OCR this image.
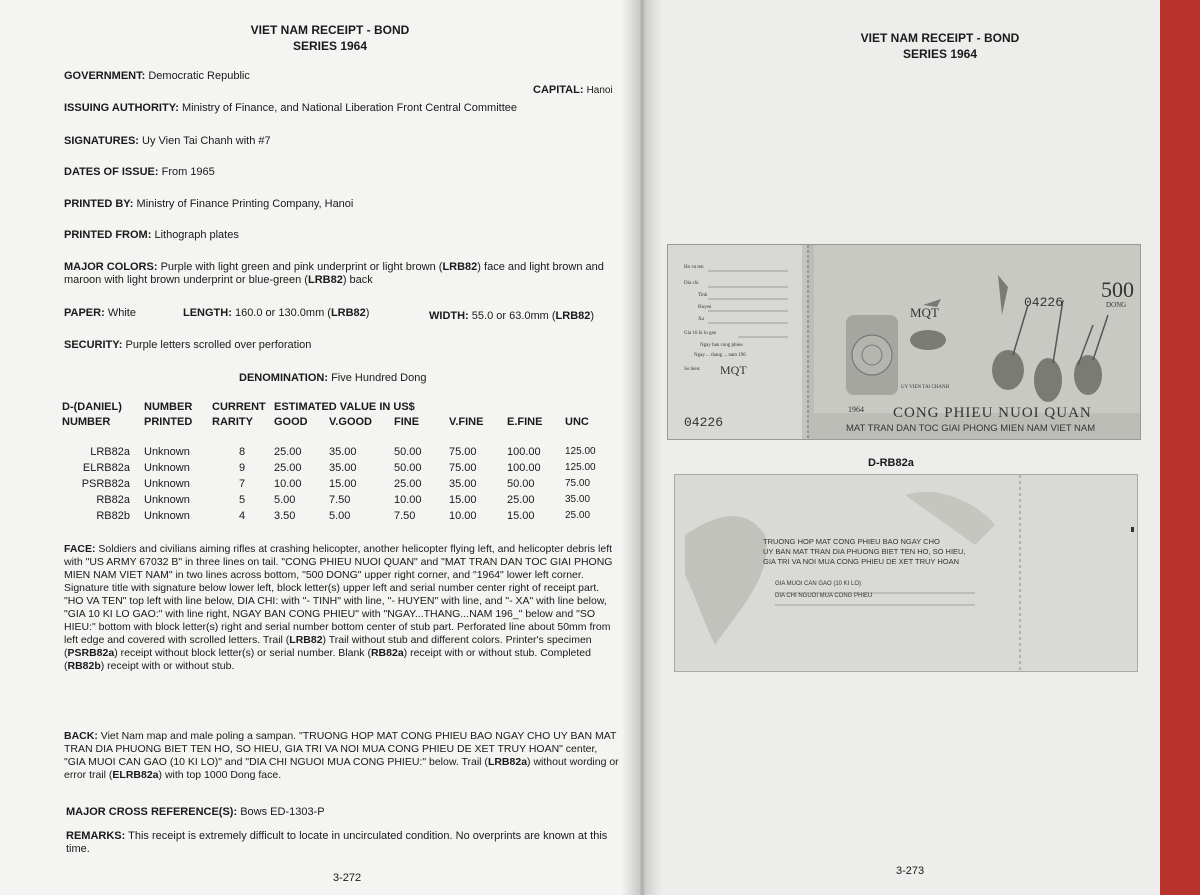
VIET NAM RECEIPT - BOND
SERIES 1964
GOVERNMENT: Democratic Republic
CAPITAL: Hanoi
ISSUING AUTHORITY: Ministry of Finance, and National Liberation Front Central Committee
SIGNATURES: Uy Vien Tai Chanh with #7
DATES OF ISSUE: From 1965
PRINTED BY: Ministry of Finance Printing Company, Hanoi
PRINTED FROM: Lithograph plates
MAJOR COLORS: Purple with light green and pink underprint or light brown (LRB82) face and light brown and maroon with light brown underprint or blue-green (LRB82) back
PAPER: White	LENGTH: 160.0 or 130.0mm (LRB82)	WIDTH: 55.0 or 63.0mm (LRB82)
SECURITY: Purple letters scrolled over perforation
DENOMINATION: Five Hundred Dong
D-(DANIEL)	NUMBER	CURRENT	ESTIMATED VALUE IN US$					
NUMBER	PRINTED	RARITY	GOOD	V.GOOD	FINE	V.FINE	E.FINE	UNC

LRB82a	Unknown	8	25.00	35.00	50.00	75.00	100.00	125.00
ELRB82a	Unknown	9	25.00	35.00	50.00	75.00	100.00	125.00
PSRB82a	Unknown	7	10.00	15.00	25.00	35.00	50.00	75.00
RB82a	Unknown	5	5.00	7.50	10.00	15.00	25.00	35.00
RB82b	Unknown	4	3.50	5.00	7.50	10.00	15.00	25.00
FACE: Soldiers and civilians aiming rifles at crashing helicopter, another helicopter flying left, and helicopter debris left with "US ARMY 67032 B" in three lines on tail. "CONG PHIEU NUOI QUAN" and "MAT TRAN DAN TOC GIAI PHONG MIEN NAM VIET NAM" in two lines across bottom, "500 DONG" upper right corner, and "1964" lower left corner. Signature title with signature below lower left, block letter(s) upper left and serial number center right of receipt part. "HO VA TEN" top left with line below, DIA CHI: with "- TINH" with line, "- HUYEN" with line, and "- XA" with line below, "GIA 10 KI LO GAO:" with line right, NGAY BAN CONG PHIEU" with "NGAY...THANG...NAM 196_" below and "SO HIEU:" bottom with block letter(s) right and serial number bottom center of stub part. Perforated line about 50mm from left edge and covered with scrolled letters. Trail (LRB82) Trail without stub and different colors. Printer's specimen (PSRB82a) receipt without block letter(s) or serial number. Blank (RB82a) receipt with or without stub. Completed (RB82b) receipt with or without stub.
BACK: Viet Nam map and male poling a sampan. "TRUONG HOP MAT CONG PHIEU BAO NGAY CHO UY BAN MAT TRAN DIA PHUONG BIET TEN HO, SO HIEU, GIA TRI VA NOI MUA CONG PHIEU DE XET TRUY HOAN" center, "GIA MUOI CAN GAO (10 KI LO)" and "DIA CHI NGUOI MUA CONG PHIEU:" below. Trail (LRB82a) without wording or error trail (ELRB82a) with top 1000 Dong face.
MAJOR CROSS REFERENCE(S): Bows ED-1303-P
REMARKS: This receipt is extremely difficult to locate in uncirculated condition. No overprints are known at this time.
3-272
VIET NAM RECEIPT - BOND
SERIES 1964
500
DONG
MQT
04226
MQT
04226
1964
UY VIEN TAI CHANH
CONG PHIEU NUOI QUAN
MAT TRAN DAN TOC GIAI PHONG MIEN NAM VIET NAM
Ho va ten
Dia chi
Tinh
Huyen
Xa
Gia 10 ki lo gao
Ngay ban cong phieu
Ngay ... thang ... nam 196
So hieu:
D-RB82a
TRUONG HOP MAT CONG PHIEU BAO NGAY CHO
UY BAN MAT TRAN DIA PHUONG BIET TEN HO, SO HIEU,
GIA TRI VA NOI MUA CONG PHIEU DE XET TRUY HOAN
GIA MUOI CAN GAO (10 KI LO)
DIA CHI NGUOI MUA CONG PHIEU
3-273
